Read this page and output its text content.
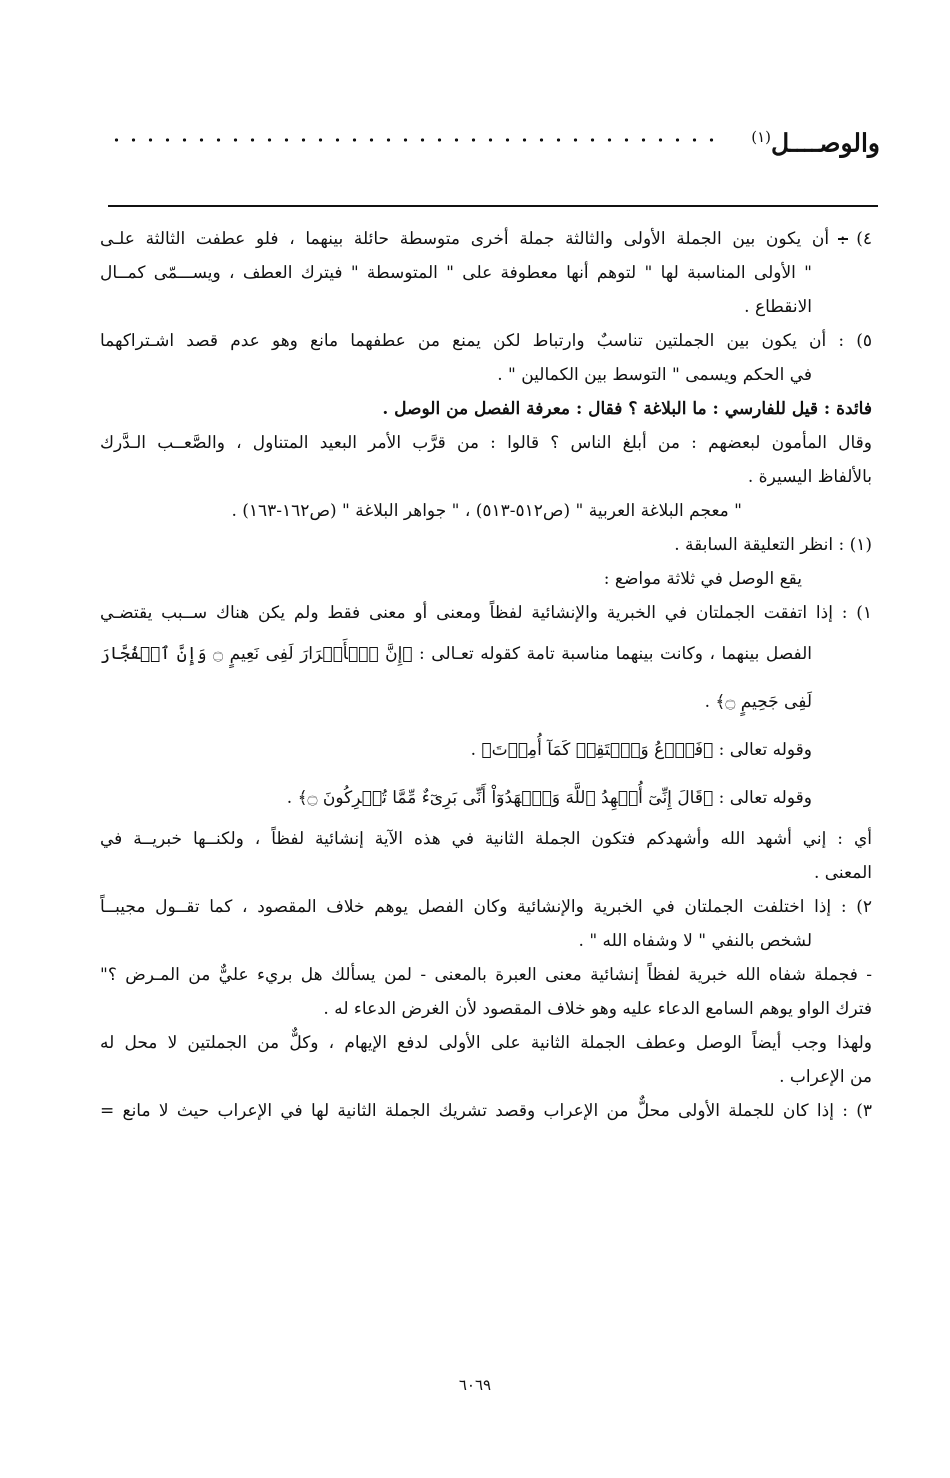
والوصــــل$^{(١)}$
٤) : أن يكون بين الجملة الأولى والثالثة جملة أخرى متوسطة حائلة بينهما ، فلو عطفت الثالثة علـى
" الأولى المناسبة لها " لتوهم أنها معطوفة على " المتوسطة " فيترك العطف ، ويســـمّى كمــال
الانقطاع .
٥) : أن يكون بين الجملتين تناسبٌ وارتباط لكن يمنع من عطفهما مانع وهو عدم قصد اشـتراكهما
في الحكم ويسمى " التوسط بين الكمالين " .
فائدة : قيل للفارسي : ما البلاغة ؟ فقال : معرفة الفصل من الوصل .
وقال المأمون لبعضهم : من أبلغ الناس ؟ قالوا : من قرَّب الأمر البعيد المتناول ، والصَّعــب الـدَّرك
بالألفاظ اليسيرة .
" معجم البلاغة العربية " (ص٥١٢-٥١٣) ، " جواهر البلاغة " (ص١٦٢-١٦٣) .
(١) : انظر التعليقة السابقة .
يقع الوصل في ثلاثة مواضع :
١) : إذا اتفقت الجملتان في الخبرية والإنشائية لفظاً ومعنى أو معنى فقط ولم يكن هناك ســبب يقتضـي
الفصل بينهما ، وكانت بينهما مناسبة تامة كقوله تعـالى : ﴿إِنَّ ٱلۡأَبۡرَارَ لَفِى نَعِيمٍ ۝ وَإِنَّ ٱلۡفُجَّارَ
لَفِى جَحِيمٍ ۝﴾ .
وقوله تعالى : ﴿فَٱدۡعُ وَٱسۡتَقِمۡ كَمَآ أُمِرۡتَ﴾ .
وقوله تعالى : ﴿قَالَ إِنِّىٓ أُشۡهِدُ ٱللَّهَ وَٱشۡهَدُوٓاْ أَنِّى بَرِىٓءٌ مِّمَّا تُشۡرِكُونَ ۝﴾ .
أي : إني أشهد الله وأشهدكم فتكون الجملة الثانية في هذه الآية إنشائية لفظاً ، ولكنــها خبريــة في
المعنى .
٢) : إذا اختلفت الجملتان في الخبرية والإنشائية وكان الفصل يوهم خلاف المقصود ، كما تقــول مجيبــاً
لشخص بالنفي " لا وشفاه الله " .
- فجملة شفاه الله خبرية لفظاً إنشائية معنى العبرة بالمعنى - لمن يسألك هل بريء عليٌّ من المـرض ؟"
فترك الواو يوهم السامع الدعاء عليه وهو خلاف المقصود لأن الغرض الدعاء له .
ولهذا وجب أيضاً الوصل وعطف الجملة الثانية على الأولى لدفع الإيهام ، وكلٌّ من الجملتين لا محل له
من الإعراب .
٣) : إذا كان للجملة الأولى محلٌّ من الإعراب وقصد تشريك الجملة الثانية لها في الإعراب حيث لا مانع =
٦٠٦٩
